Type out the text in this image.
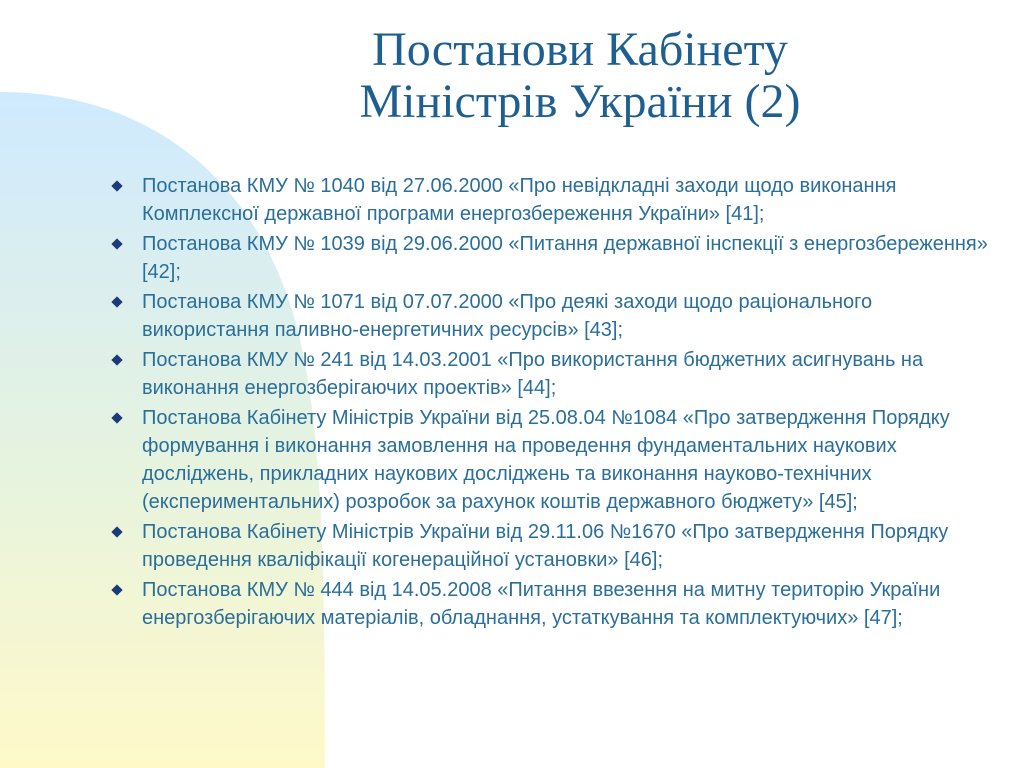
Постанови Кабінету
Міністрів України (2)
Постанова КМУ № 1040 від 27.06.2000 «Про невідкладні заходи щодо виконання Комплексної державної програми енергозбереження України» [41];
Постанова КМУ № 1039 від 29.06.2000 «Питання державної інспекції з енергозбереження» [42];
Постанова КМУ № 1071 від 07.07.2000 «Про деякі заходи щодо раціонального використання паливно-енергетичних ресурсів» [43];
Постанова КМУ № 241 від 14.03.2001 «Про використання бюджетних асигнувань на виконання енергозберігаючих проектів» [44];
Постанова Кабінету Міністрів України від 25.08.04 №1084 «Про затвердження Порядку формування і виконання замовлення на проведення фундаментальних наукових досліджень, прикладних наукових досліджень та виконання науково-технічних (експериментальних) розробок за рахунок коштів державного бюджету» [45];
Постанова Кабінету Міністрів України від 29.11.06 №1670 «Про затвердження Порядку проведення кваліфікації когенераційної установки» [46];
Постанова КМУ № 444 від 14.05.2008 «Питання ввезення на митну територію України енергозберігаючих матеріалів, обладнання, устаткування та комплектуючих» [47];
